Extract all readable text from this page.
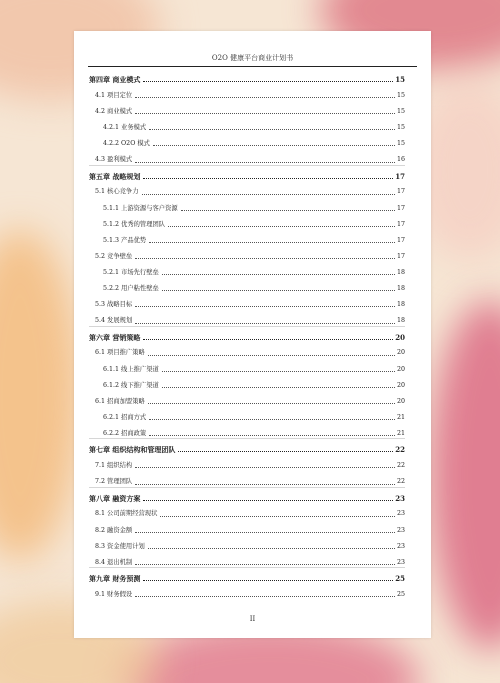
O2O 健康平台商业计划书
第四章 商业模式	15
4.1 项目定位	15
4.2 商业模式	15
4.2.1 业务模式	15
4.2.2 O2O 模式	15
4.3 盈利模式	16
第五章 战略规划	17
5.1 核心竞争力	17
5.1.1 上游资源与客户资源	17
5.1.2 优秀的管理团队	17
5.1.3 产品优势	17
5.2 竞争壁垒	17
5.2.1 市场先行壁垒	18
5.2.2 用户粘性壁垒	18
5.3 战略目标	18
5.4 发展规划	18
第六章 营销策略	20
6.1 项目推广策略	20
6.1.1 线上推广渠道	20
6.1.2 线下推广渠道	20
6.1 招商加盟策略	20
6.2.1 招商方式	21
6.2.2 招商政策	21
第七章 组织结构和管理团队	22
7.1 组织结构	22
7.2 管理团队	22
第八章 融资方案	23
8.1 公司前期经营现状	23
8.2 融资金额	23
8.3 资金使用计划	23
8.4 退出机制	23
第九章 财务预测	25
9.1 财务假设	25
II
